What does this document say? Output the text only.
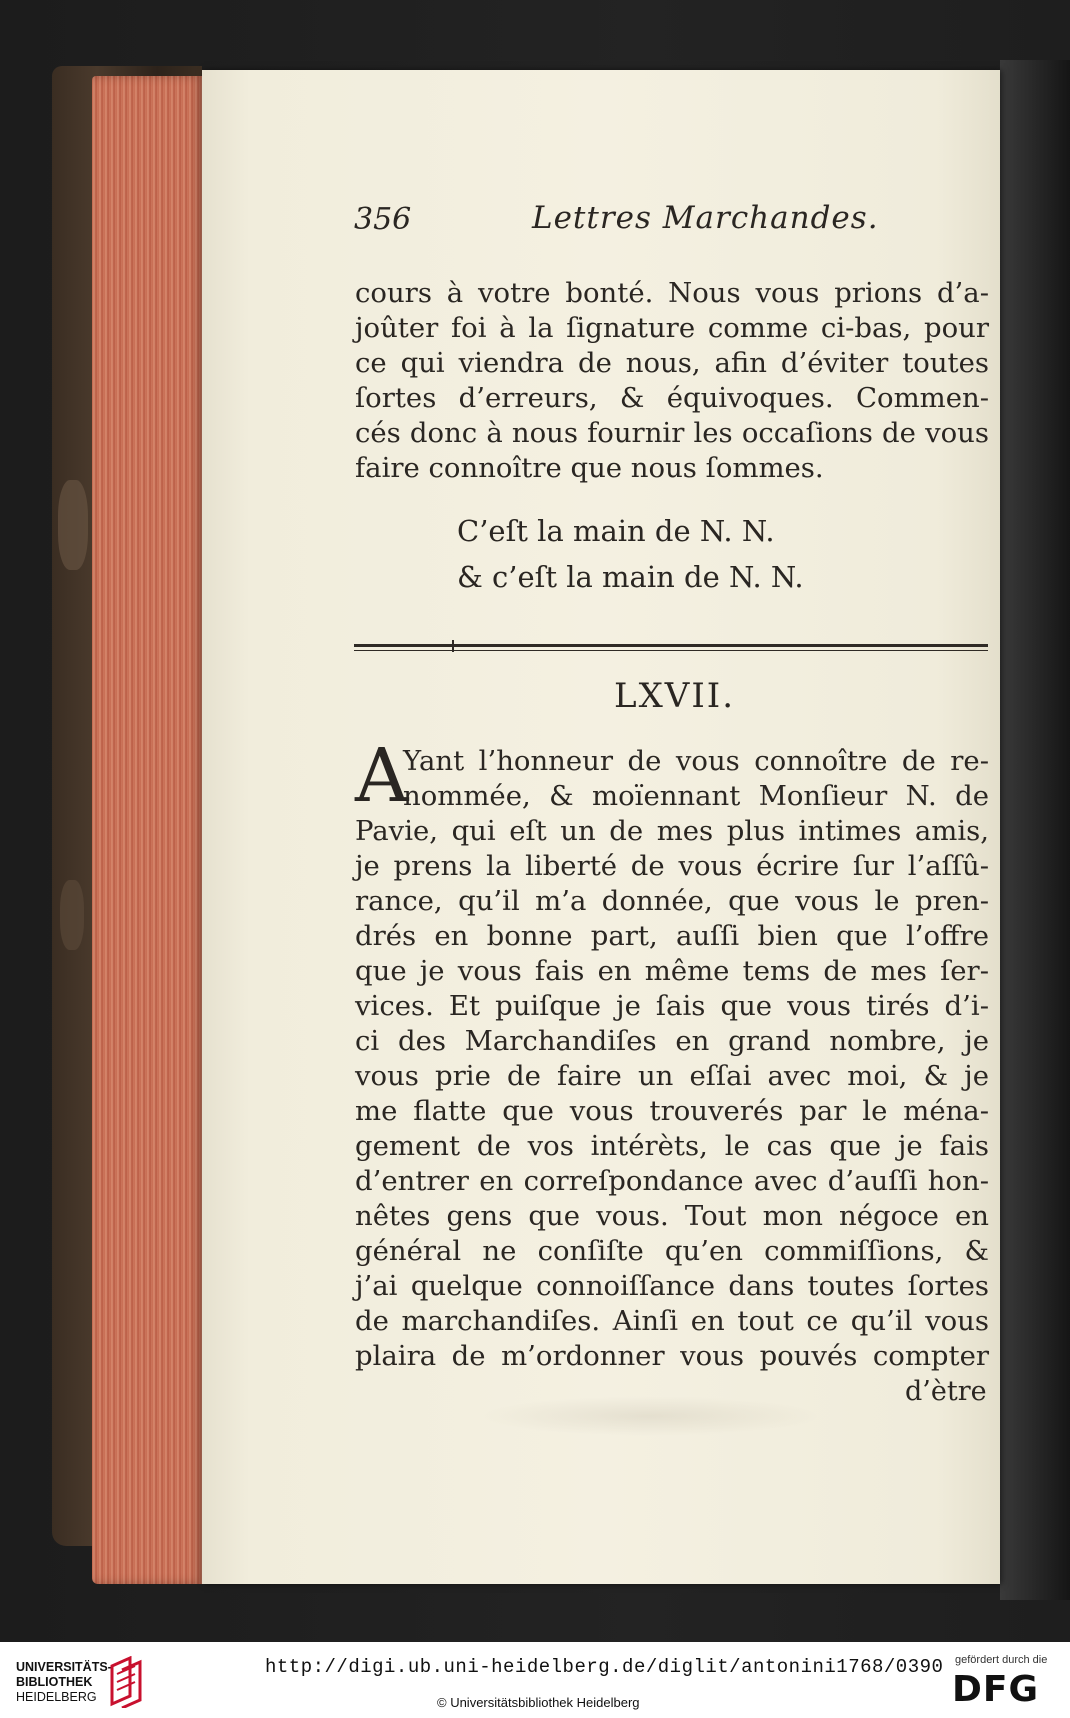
356	Lettres Marchandes.
cours à votre bonté. Nous vous prions d’a-
joûter foi à la ſignature comme ci-bas, pour
ce qui viendra de nous, afin d’éviter toutes
ſortes d’erreurs, & équivoques. Commen-
cés donc à nous fournir les occaſions de vous
faire connoître que nous ſommes.
C’eſt la main de N. N.
& c’eſt la main de N. N.
LXVII.
A
Yant l’honneur de vous connoître de re-
nommée, & moïennant Monſieur N. de
Pavie, qui eſt un de mes plus intimes amis,
je prens la liberté de vous écrire ſur l’aſſû-
rance, qu’il m’a donnée, que vous le pren-
drés en bonne part, auſſi bien que l’offre
que je vous fais en même tems de mes ſer-
vices. Et puiſque je ſais que vous tirés d’i-
ci des Marchandiſes en grand nombre, je
vous prie de faire un eſſai avec moi, & je
me flatte que vous trouverés par le ména-
gement de vos intérèts, le cas que je fais
d’entrer en correſpondance avec d’auſſi hon-
nêtes gens que vous. Tout mon négoce en
général ne conſiſte qu’en commiſſions, &
j’ai quelque connoiſſance dans toutes ſortes
de marchandiſes. Ainſi en tout ce qu’il vous
plaira de m’ordonner vous pouvés compter
d’ètre
UNIVERSITÄTS-
BIBLIOTHEK
HEIDELBERG
http://digi.ub.uni-heidelberg.de/diglit/antonini1768/0390
© Universitätsbibliothek Heidelberg
gefördert durch die
DFG
